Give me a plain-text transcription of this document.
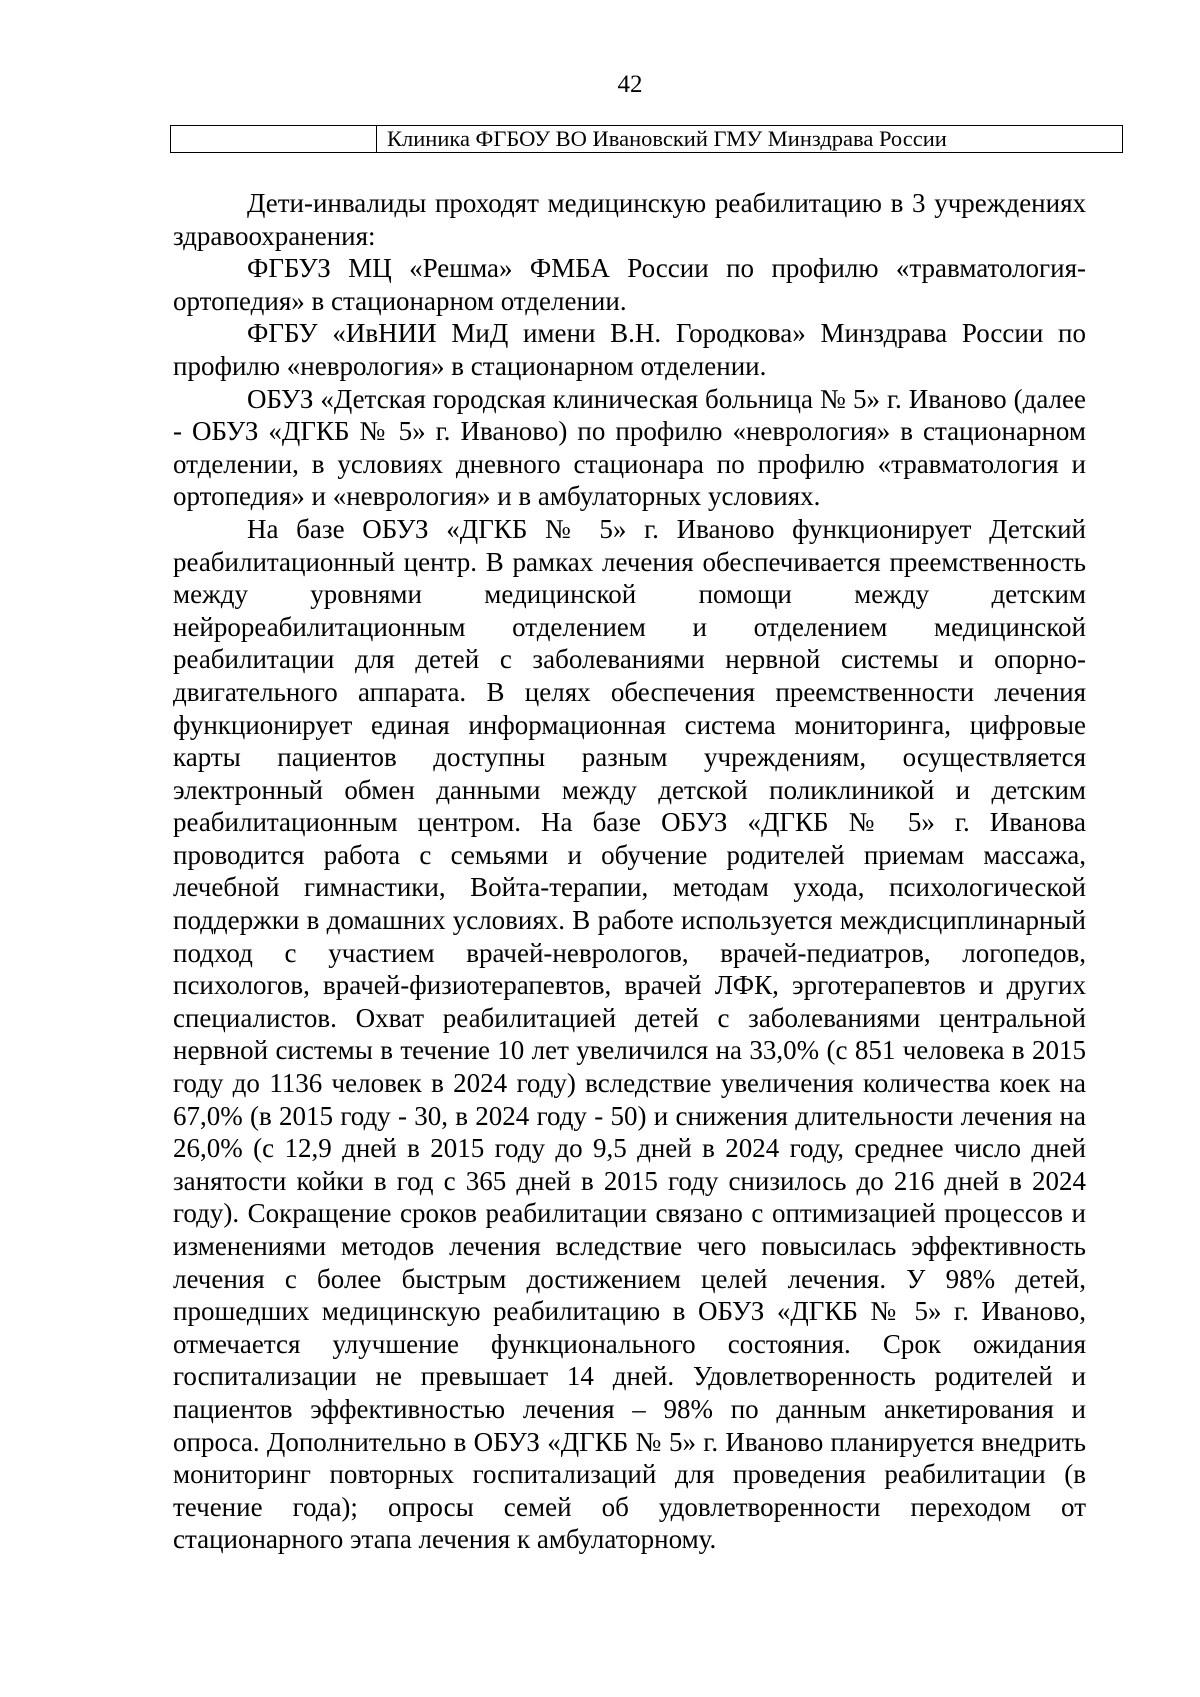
42
	Клиника ФГБОУ ВО Ивановский ГМУ Минздрава России

Дети-инвалиды проходят медицинскую реабилитацию в 3 учреждениях здравоохранения:

ФГБУЗ МЦ «Решма» ФМБА России по профилю «травматология-ортопедия» в стационарном отделении.

ФГБУ «ИвНИИ МиД имени В.Н. Городкова» Минздрава России по профилю «неврология» в стационарном отделении.

ОБУЗ «Детская городская клиническая больница № 5» г. Иваново (далее - ОБУЗ «ДГКБ № 5» г. Иваново) по профилю «неврология» в стационарном отделении, в условиях дневного стационара по профилю «травматология и ортопедия» и «неврология» и в амбулаторных условиях.

На базе ОБУЗ «ДГКБ № 5» г. Иваново функционирует Детский реабилитационный центр. В рамках лечения обеспечивается преемственность между уровнями медицинской помощи между детским нейрореабилитационным отделением и отделением медицинской реабилитации для детей с заболеваниями нервной системы и опорно-двигательного аппарата. В целях обеспечения преемственности лечения функционирует единая информационная система мониторинга, цифровые карты пациентов доступны разным учреждениям, осуществляется электронный обмен данными между детской поликлиникой и детским реабилитационным центром. На базе ОБУЗ «ДГКБ № 5» г. Иванова проводится работа с семьями и обучение родителей приемам массажа, лечебной гимнастики, Войта-терапии, методам ухода, психологической поддержки в домашних условиях. В работе используется междисциплинарный подход с участием врачей-неврологов, врачей-педиатров, логопедов, психологов, врачей-физиотерапевтов, врачей ЛФК, эрготерапевтов и других специалистов. Охват реабилитацией детей с заболеваниями центральной нервной системы в течение 10 лет увеличился на 33,0% (с 851 человека в 2015 году до 1136 человек в 2024 году) вследствие увеличения количества коек на 67,0% (в 2015 году - 30, в 2024 году - 50) и снижения длительности лечения на 26,0% (с 12,9 дней в 2015 году до 9,5 дней в 2024 году, среднее число дней занятости койки в год с 365 дней в 2015 году снизилось до 216 дней в 2024 году). Сокращение сроков реабилитации связано с оптимизацией процессов и изменениями методов лечения вследствие чего повысилась эффективность лечения с более быстрым достижением целей лечения. У 98% детей, прошедших медицинскую реабилитацию в ОБУЗ «ДГКБ № 5» г. Иваново, отмечается улучшение функционального состояния. Срок ожидания госпитализации не превышает 14 дней. Удовлетворенность родителей и пациентов эффективностью лечения – 98% по данным анкетирования и опроса. Дополнительно в ОБУЗ «ДГКБ № 5» г. Иваново планируется внедрить мониторинг повторных госпитализаций для проведения реабилитации (в течение года); опросы семей об удовлетворенности переходом от стационарного этапа лечения к амбулаторному.
